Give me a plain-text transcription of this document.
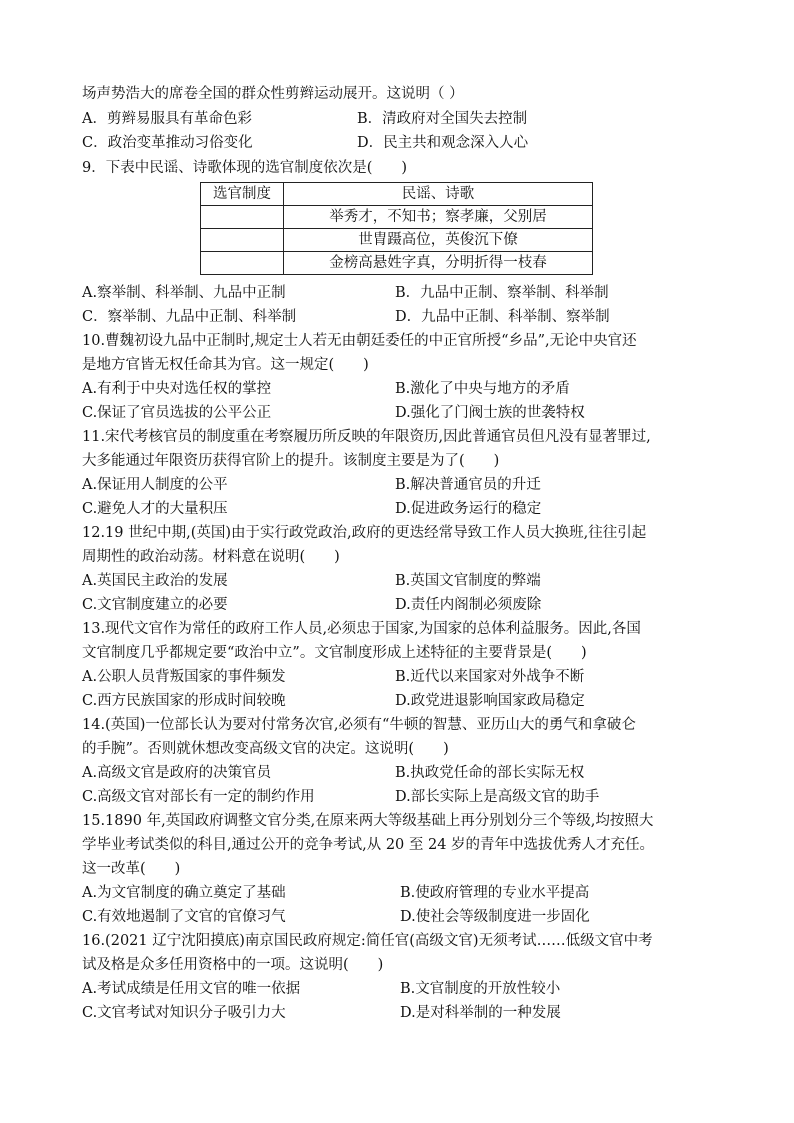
场声势浩大的席卷全国的群众性剪辫运动展开。这说明（ ）
A．剪辫易服具有革命色彩	B．清政府对全国失去控制
C．政治变革推动习俗变化	D．民主共和观念深入人心
9．下表中民谣、诗歌体现的选官制度依次是(　　)
选官制度	民谣、诗歌
	举秀才，不知书；察孝廉，父别居
	世胄蹑高位，英俊沉下僚
	金榜高悬姓字真，分明折得一枝春
A.察举制、科举制、九品中正制	B．九品中正制、察举制、科举制
C．察举制、九品中正制、科举制	D．九品中正制、科举制、察举制
10.曹魏初设九品中正制时,规定士人若无由朝廷委任的中正官所授“乡品”,无论中央官还
是地方官皆无权任命其为官。这一规定(　　)
A.有利于中央对选任权的掌控	B.激化了中央与地方的矛盾
C.保证了官员选拔的公平公正	D.强化了门阀士族的世袭特权
11.宋代考核官员的制度重在考察履历所反映的年限资历,因此普通官员但凡没有显著罪过,
大多能通过年限资历获得官阶上的提升。该制度主要是为了(　　)
A.保证用人制度的公平	B.解决普通官员的升迁
C.避免人才的大量积压	D.促进政务运行的稳定
12.19 世纪中期,(英国)由于实行政党政治,政府的更迭经常导致工作人员大换班,往往引起
周期性的政治动荡。材料意在说明(　　)
A.英国民主政治的发展	B.英国文官制度的弊端
C.文官制度建立的必要	D.责任内阁制必须废除
13.现代文官作为常任的政府工作人员,必须忠于国家,为国家的总体利益服务。因此,各国
文官制度几乎都规定要“政治中立”。文官制度形成上述特征的主要背景是(　　)
A.公职人员背叛国家的事件频发	B.近代以来国家对外战争不断
C.西方民族国家的形成时间较晚	D.政党进退影响国家政局稳定
14.(英国)一位部长认为要对付常务次官,必须有“牛顿的智慧、亚历山大的勇气和拿破仑
的手腕”。否则就休想改变高级文官的决定。这说明(　　)
A.高级文官是政府的决策官员	B.执政党任命的部长实际无权
C.高级文官对部长有一定的制约作用	D.部长实际上是高级文官的助手
15.1890 年,英国政府调整文官分类,在原来两大等级基础上再分别划分三个等级,均按照大
学毕业考试类似的科目,通过公开的竞争考试,从 20 至 24 岁的青年中选拔优秀人才充任。
这一改革(　　)
A.为文官制度的确立奠定了基础	B.使政府管理的专业水平提高
C.有效地遏制了文官的官僚习气	D.使社会等级制度进一步固化
16.(2021 辽宁沈阳摸底)南京国民政府规定:简任官(高级文官)无须考试……低级文官中考
试及格是众多任用资格中的一项。这说明(　　)
A.考试成绩是任用文官的唯一依据	B.文官制度的开放性较小
C.文官考试对知识分子吸引力大	D.是对科举制的一种发展
